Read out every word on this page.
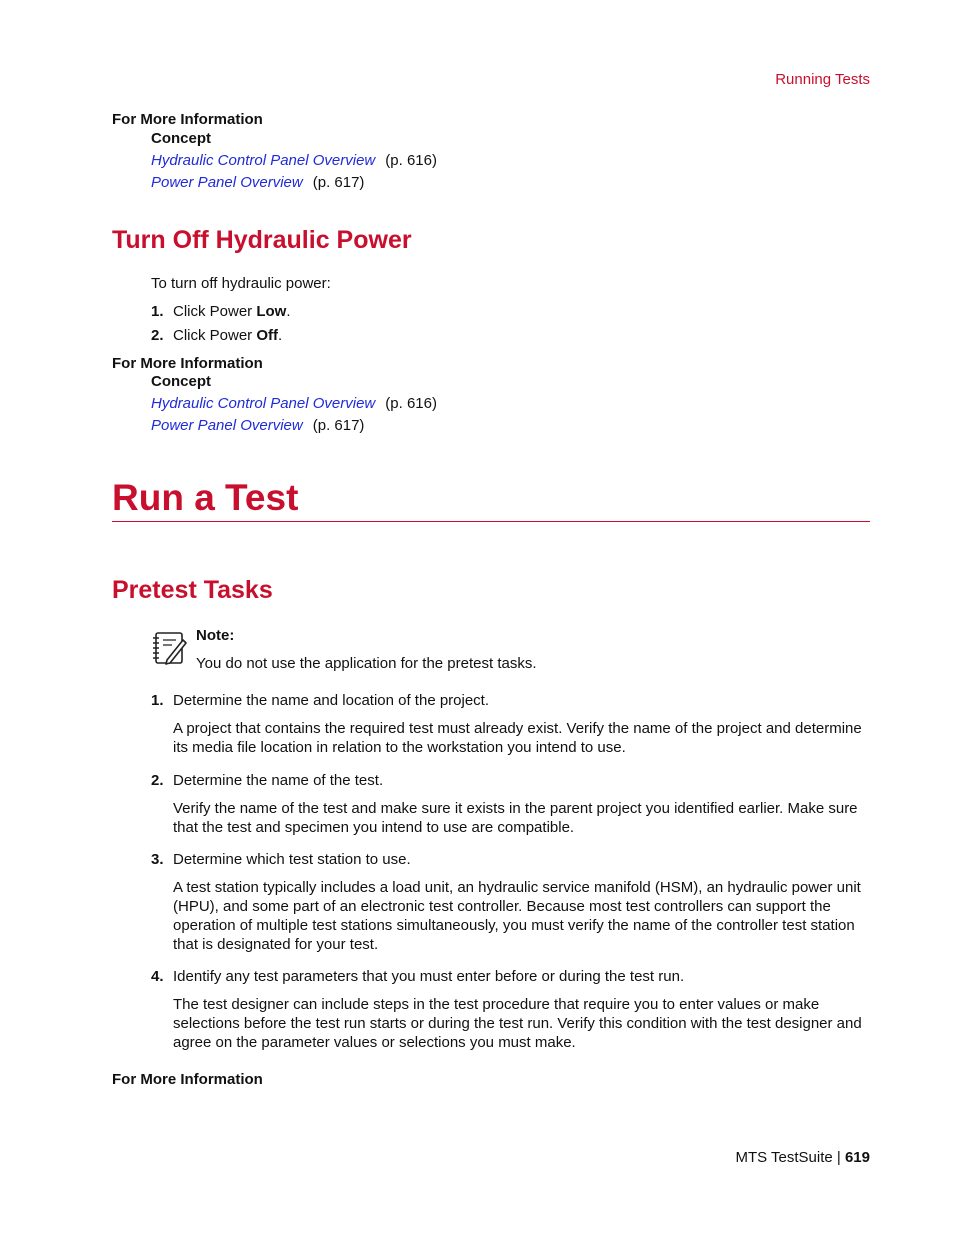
Running Tests
For More Information
Concept
Hydraulic Control Panel Overview (p. 616)
Power Panel Overview (p. 617)
Turn Off Hydraulic Power
To turn off hydraulic power:
1. Click Power Low.
2. Click Power Off.
For More Information
Concept
Hydraulic Control Panel Overview (p. 616)
Power Panel Overview (p. 617)
Run a Test
Pretest Tasks
Note:
You do not use the application for the pretest tasks.
1. Determine the name and location of the project.
A project that contains the required test must already exist. Verify the name of the project and determine its media file location in relation to the workstation you intend to use.
2. Determine the name of the test.
Verify the name of the test and make sure it exists in the parent project you identified earlier. Make sure that the test and specimen you intend to use are compatible.
3. Determine which test station to use.
A test station typically includes a load unit, an hydraulic service manifold (HSM), an hydraulic power unit (HPU), and some part of an electronic test controller. Because most test controllers can support the operation of multiple test stations simultaneously, you must verify the name of the controller test station that is designated for your test.
4. Identify any test parameters that you must enter before or during the test run.
The test designer can include steps in the test procedure that require you to enter values or make selections before the test run starts or during the test run. Verify this condition with the test designer and agree on the parameter values or selections you must make.
For More Information
MTS TestSuite | 619
